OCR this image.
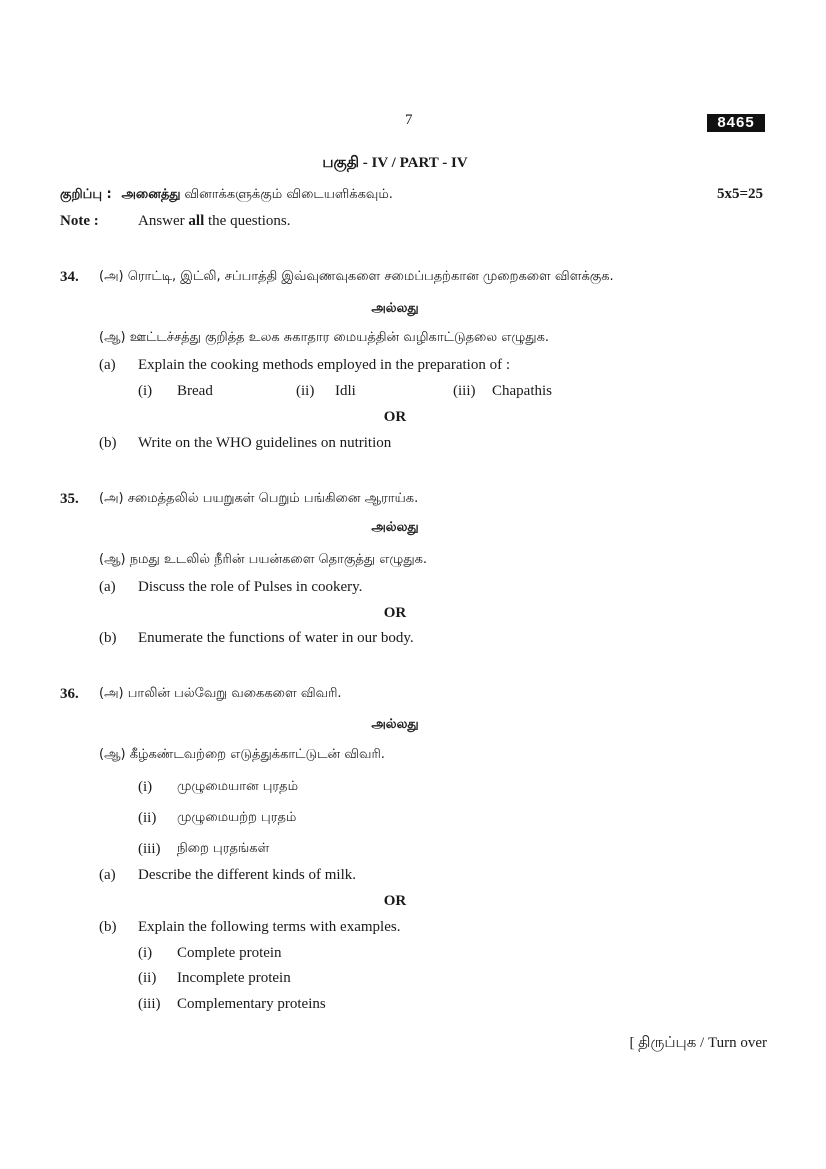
7	8465
பகுதி - IV / PART - IV
குறிப்பு : அனைத்து வினாக்களுக்கும் விடையளிக்கவும்.	5x5=25
Note :	Answer all the questions.
34. (அ) ரொட்டி, இட்லி, சப்பாத்தி இவ்வுணவுகளை சமைப்பதற்கான முறைகளை விளக்குக.
அல்லது
(ஆ) ஊட்டச்சத்து குறித்த உலக சுகாதார மையத்தின் வழிகாட்டுதலை எழுதுக.
(a) Explain the cooking methods employed in the preparation of :
(i) Bread	(ii) Idli	(iii) Chapathis
OR
(b) Write on the WHO guidelines on nutrition
35. (அ) சமைத்தலில் பயறுகள் பெறும் பங்கினை ஆராய்க.
அல்லது
(ஆ) நமது உடலில் நீரின் பயன்களை தொகுத்து எழுதுக.
(a) Discuss the role of Pulses in cookery.
OR
(b) Enumerate the functions of water in our body.
36. (அ) பாலின் பல்வேறு வகைகளை விவரி.
அல்லது
(ஆ) கீழ்கண்டவற்றை எடுத்துக்காட்டுடன் விவரி.
(i) முழுமையான புரதம்
(ii) முழுமையற்ற புரதம்
(iii) நிறை புரதங்கள்
(a) Describe the different kinds of milk.
OR
(b) Explain the following terms with examples.
(i) Complete protein
(ii) Incomplete protein
(iii) Complementary proteins
[ திருப்புக / Turn over
